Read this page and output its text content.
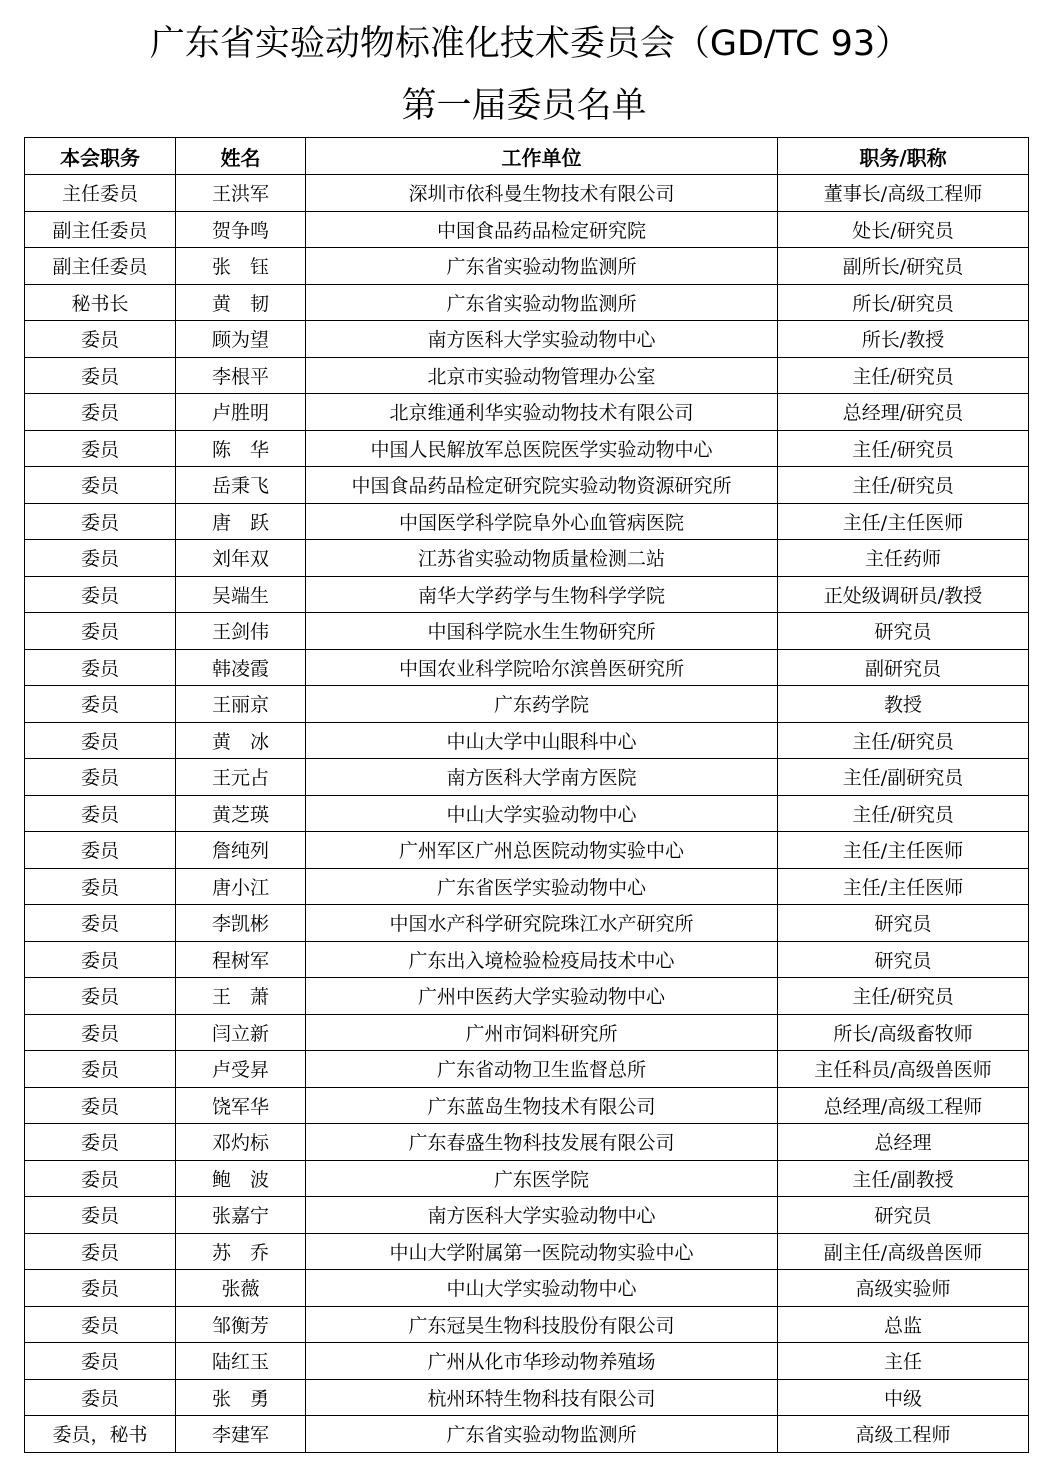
广东省实验动物标准化技术委员会（GD/TC 93）
第一届委员名单
本会职务	姓名	工作单位	职务/职称
主任委员	王洪军	深圳市依科曼生物技术有限公司	董事长/高级工程师
副主任委员	贺争鸣	中国食品药品检定研究院	处长/研究员
副主任委员	张　钰	广东省实验动物监测所	副所长/研究员
秘书长	黄　韧	广东省实验动物监测所	所长/研究员
委员	顾为望	南方医科大学实验动物中心	所长/教授
委员	李根平	北京市实验动物管理办公室	主任/研究员
委员	卢胜明	北京维通利华实验动物技术有限公司	总经理/研究员
委员	陈　华	中国人民解放军总医院医学实验动物中心	主任/研究员
委员	岳秉飞	中国食品药品检定研究院实验动物资源研究所	主任/研究员
委员	唐　跃	中国医学科学院阜外心血管病医院	主任/主任医师
委员	刘年双	江苏省实验动物质量检测二站	主任药师
委员	吴端生	南华大学药学与生物科学学院	正处级调研员/教授
委员	王剑伟	中国科学院水生生物研究所	研究员
委员	韩凌霞	中国农业科学院哈尔滨兽医研究所	副研究员
委员	王丽京	广东药学院	教授
委员	黄　冰	中山大学中山眼科中心	主任/研究员
委员	王元占	南方医科大学南方医院	主任/副研究员
委员	黄芝瑛	中山大学实验动物中心	主任/研究员
委员	詹纯列	广州军区广州总医院动物实验中心	主任/主任医师
委员	唐小江	广东省医学实验动物中心	主任/主任医师
委员	李凯彬	中国水产科学研究院珠江水产研究所	研究员
委员	程树军	广东出入境检验检疫局技术中心	研究员
委员	王　萧	广州中医药大学实验动物中心	主任/研究员
委员	闫立新	广州市饲料研究所	所长/高级畜牧师
委员	卢受昇	广东省动物卫生监督总所	主任科员/高级兽医师
委员	饶军华	广东蓝岛生物技术有限公司	总经理/高级工程师
委员	邓灼标	广东春盛生物科技发展有限公司	总经理
委员	鲍　波	广东医学院	主任/副教授
委员	张嘉宁	南方医科大学实验动物中心	研究员
委员	苏　乔	中山大学附属第一医院动物实验中心	副主任/高级兽医师
委员	张薇	中山大学实验动物中心	高级实验师
委员	邹衡芳	广东冠昊生物科技股份有限公司	总监
委员	陆红玉	广州从化市华珍动物养殖场	主任
委员	张　勇	杭州环特生物科技有限公司	中级
委员，秘书	李建军	广东省实验动物监测所	高级工程师
